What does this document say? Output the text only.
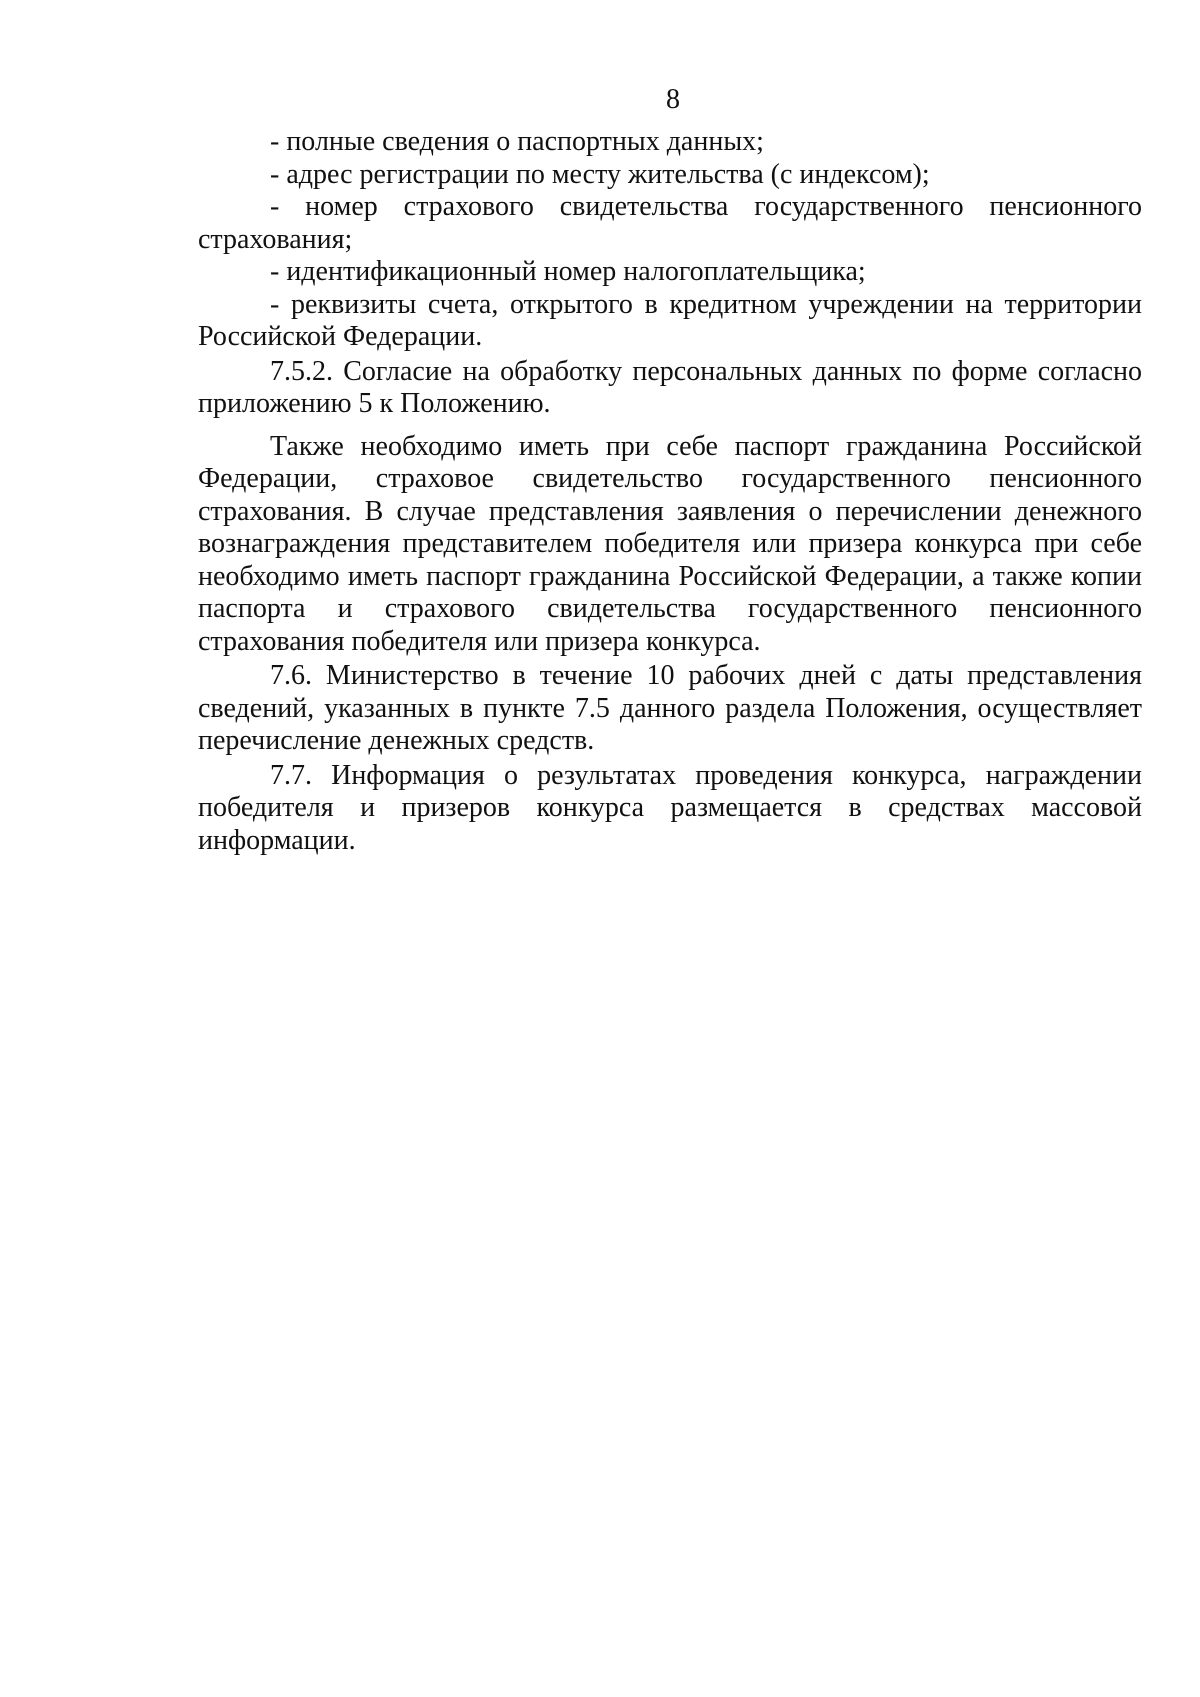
8

- полные сведения о паспортных данных;

- адрес регистрации по месту жительства (с индексом);

- номер страхового свидетельства государственного пенсионного страхования;

- идентификационный номер налогоплательщика;

- реквизиты счета, открытого в кредитном учреждении на территории Российской Федерации.

7.5.2. Согласие на обработку персональных данных по форме согласно приложению 5 к Положению.

Также необходимо иметь при себе паспорт гражданина Российской Федерации, страховое свидетельство государственного пенсионного страхования. В случае представления заявления о перечислении денежного вознаграждения представителем победителя или призера конкурса при себе необходимо иметь паспорт гражданина Российской Федерации, а также копии паспорта и страхового свидетельства государственного пенсионного страхования победителя или призера конкурса.

7.6. Министерство в течение 10 рабочих дней с даты представления сведений, указанных в пункте 7.5 данного раздела Положения, осуществляет перечисление денежных средств.

7.7. Информация о результатах проведения конкурса, награждении победителя и призеров конкурса размещается в средствах массовой информации.
